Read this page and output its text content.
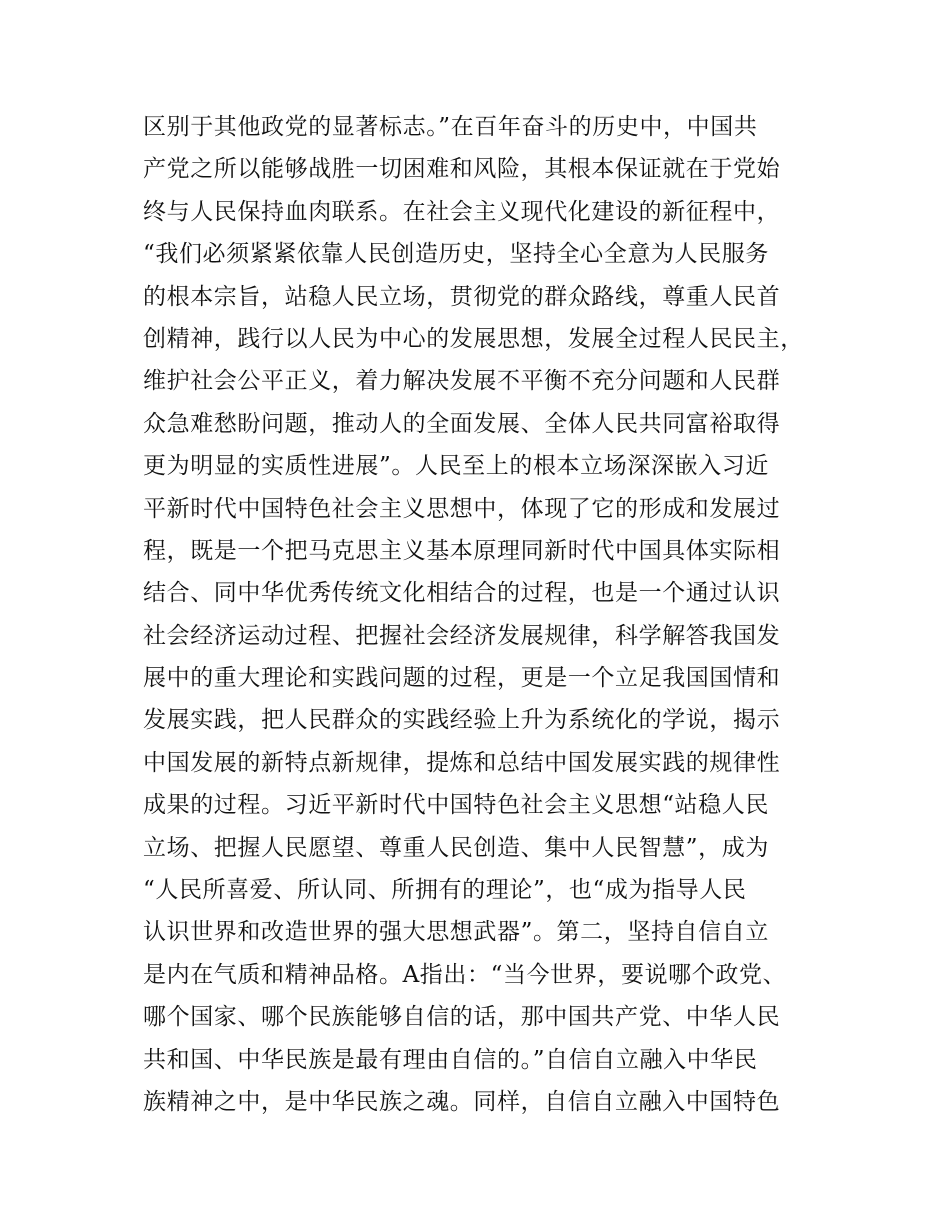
区别于其他政党的显著标志。”在百年奋斗的历史中，中国共
产党之所以能够战胜一切困难和风险，其根本保证就在于党始
终与人民保持血肉联系。在社会主义现代化建设的新征程中，
“我们必须紧紧依靠人民创造历史，坚持全心全意为人民服务
的根本宗旨，站稳人民立场，贯彻党的群众路线，尊重人民首
创精神，践行以人民为中心的发展思想，发展全过程人民民主，
维护社会公平正义，着力解决发展不平衡不充分问题和人民群
众急难愁盼问题，推动人的全面发展、全体人民共同富裕取得
更为明显的实质性进展”。人民至上的根本立场深深嵌入习近
平新时代中国特色社会主义思想中，体现了它的形成和发展过
程，既是一个把马克思主义基本原理同新时代中国具体实际相
结合、同中华优秀传统文化相结合的过程，也是一个通过认识
社会经济运动过程、把握社会经济发展规律，科学解答我国发
展中的重大理论和实践问题的过程，更是一个立足我国国情和
发展实践，把人民群众的实践经验上升为系统化的学说，揭示
中国发展的新特点新规律，提炼和总结中国发展实践的规律性
成果的过程。习近平新时代中国特色社会主义思想“站稳人民
立场、把握人民愿望、尊重人民创造、集中人民智慧”，成为
“人民所喜爱、所认同、所拥有的理论”，也“成为指导人民
认识世界和改造世界的强大思想武器”。第二，坚持自信自立
是内在气质和精神品格。A指出：“当今世界，要说哪个政党、
哪个国家、哪个民族能够自信的话，那中国共产党、中华人民
共和国、中华民族是最有理由自信的。”自信自立融入中华民
族精神之中，是中华民族之魂。同样，自信自立融入中国特色
